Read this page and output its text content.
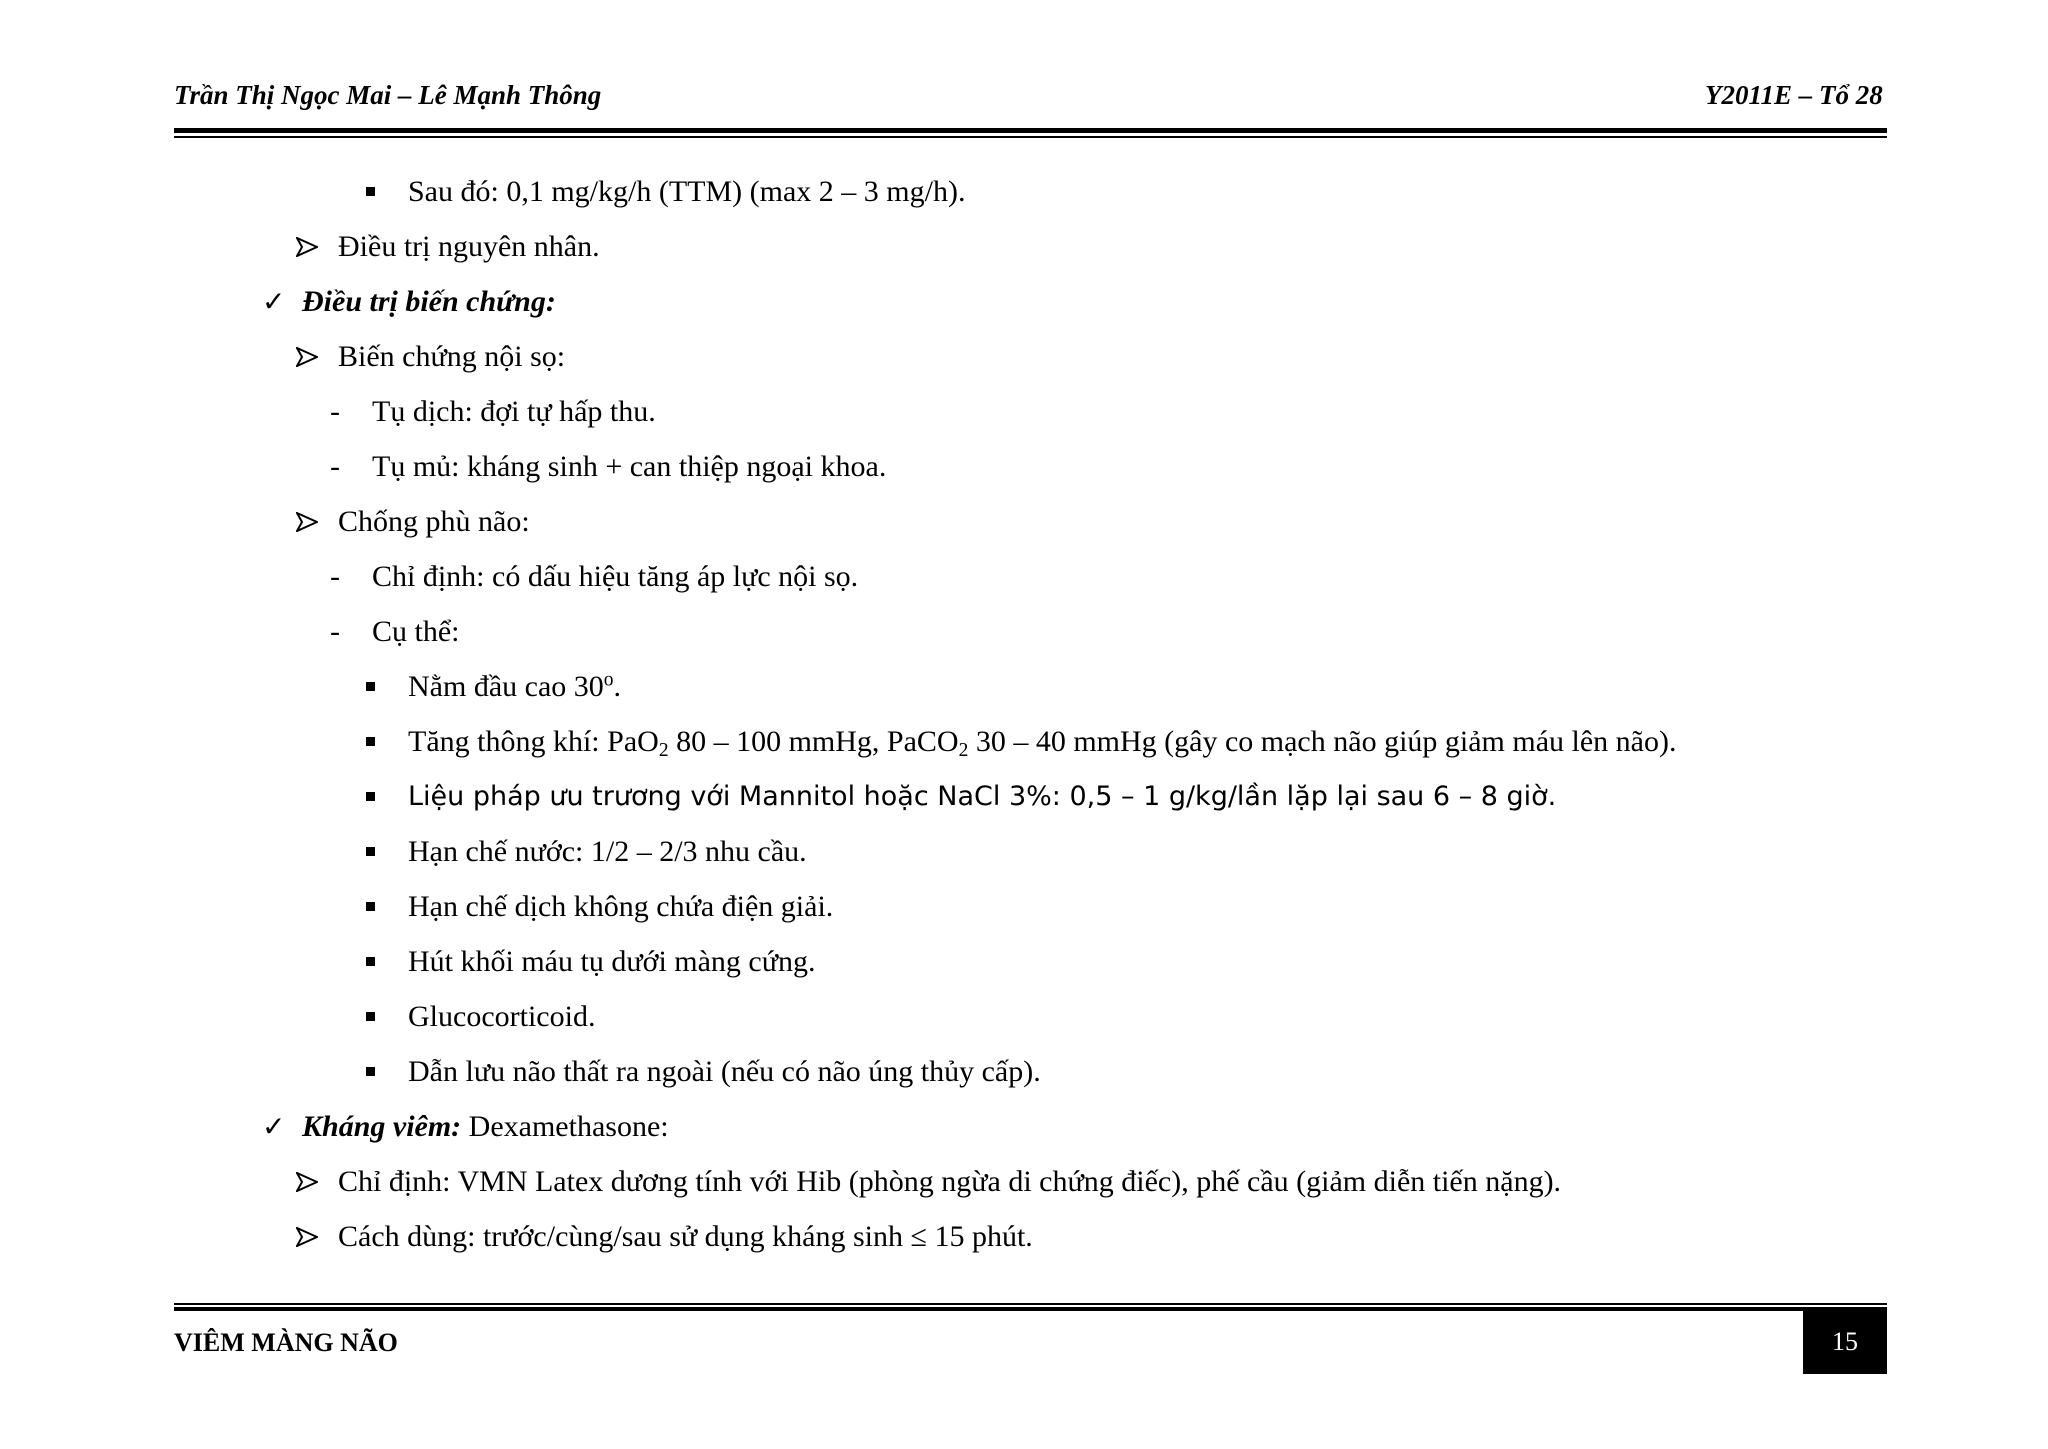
Trần Thị Ngọc Mai – Lê Mạnh Thông	Y2011E – Tổ 28
Sau đó: 0,1 mg/kg/h (TTM) (max 2 – 3 mg/h).
Điều trị nguyên nhân.
✓ Điều trị biến chứng:
Biến chứng nội sọ:
- Tụ dịch: đợi tự hấp thu.
- Tụ mủ: kháng sinh + can thiệp ngoại khoa.
Chống phù não:
- Chỉ định: có dấu hiệu tăng áp lực nội sọ.
- Cụ thể:
Nằm đầu cao 30$^o$.
Tăng thông khí: PaO$_2$ 80 – 100 mmHg, PaCO$_2$ 30 – 40 mmHg (gây co mạch não giúp giảm máu lên não).
Liệu pháp ưu trương với Mannitol hoặc NaCl 3%: 0,5 – 1 g/kg/lần lặp lại sau 6 – 8 giờ.
Hạn chế nước: 1/2 – 2/3 nhu cầu.
Hạn chế dịch không chứa điện giải.
Hút khối máu tụ dưới màng cứng.
Glucocorticoid.
Dẫn lưu não thất ra ngoài (nếu có não úng thủy cấp).
✓ Kháng viêm: Dexamethasone:
Chỉ định: VMN Latex dương tính với Hib (phòng ngừa di chứng điếc), phế cầu (giảm diễn tiến nặng).
Cách dùng: trước/cùng/sau sử dụng kháng sinh ≤ 15 phút.
VIÊM MÀNG NÃO	15
